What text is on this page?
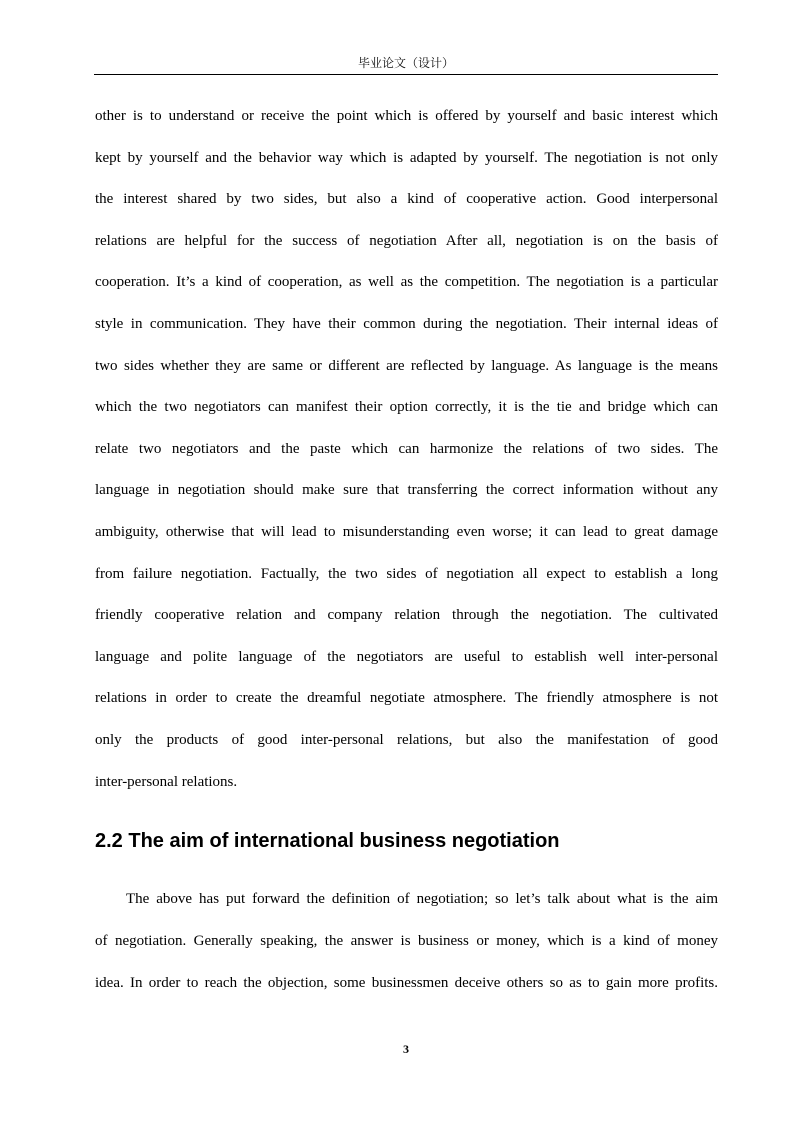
毕业论文（设计）
other is to understand or receive the point which is offered by yourself and basic interest which
kept by yourself and the behavior way which is adapted by yourself. The negotiation is not only
the interest shared by two sides, but also a kind of cooperative action. Good interpersonal
relations are helpful for the success of negotiation After all, negotiation is on the basis of
cooperation. It’s a kind of cooperation, as well as the competition. The negotiation is a particular
style in communication. They have their common during the negotiation. Their internal ideas of
two sides whether they are same or different are reflected by language. As language is the means
which the two negotiators can manifest their option correctly, it is the tie and bridge which can
relate two negotiators and the paste which can harmonize the relations of two sides. The
language in negotiation should make sure that transferring the correct information without any
ambiguity, otherwise that will lead to misunderstanding even worse; it can lead to great damage
from failure negotiation. Factually, the two sides of negotiation all expect to establish a long
friendly cooperative relation and company relation through the negotiation. The cultivated
language and polite language of the negotiators are useful to establish well inter-personal
relations in order to create the dreamful negotiate atmosphere. The friendly atmosphere is not
only the products of good inter-personal relations, but also the manifestation of good
inter-personal relations.
2.2 The aim of international business negotiation
The above has put forward the definition of negotiation; so let’s talk about what is the aim
of negotiation. Generally speaking, the answer is business or money, which is a kind of money
idea. In order to reach the objection, some businessmen deceive others so as to gain more profits.
3
